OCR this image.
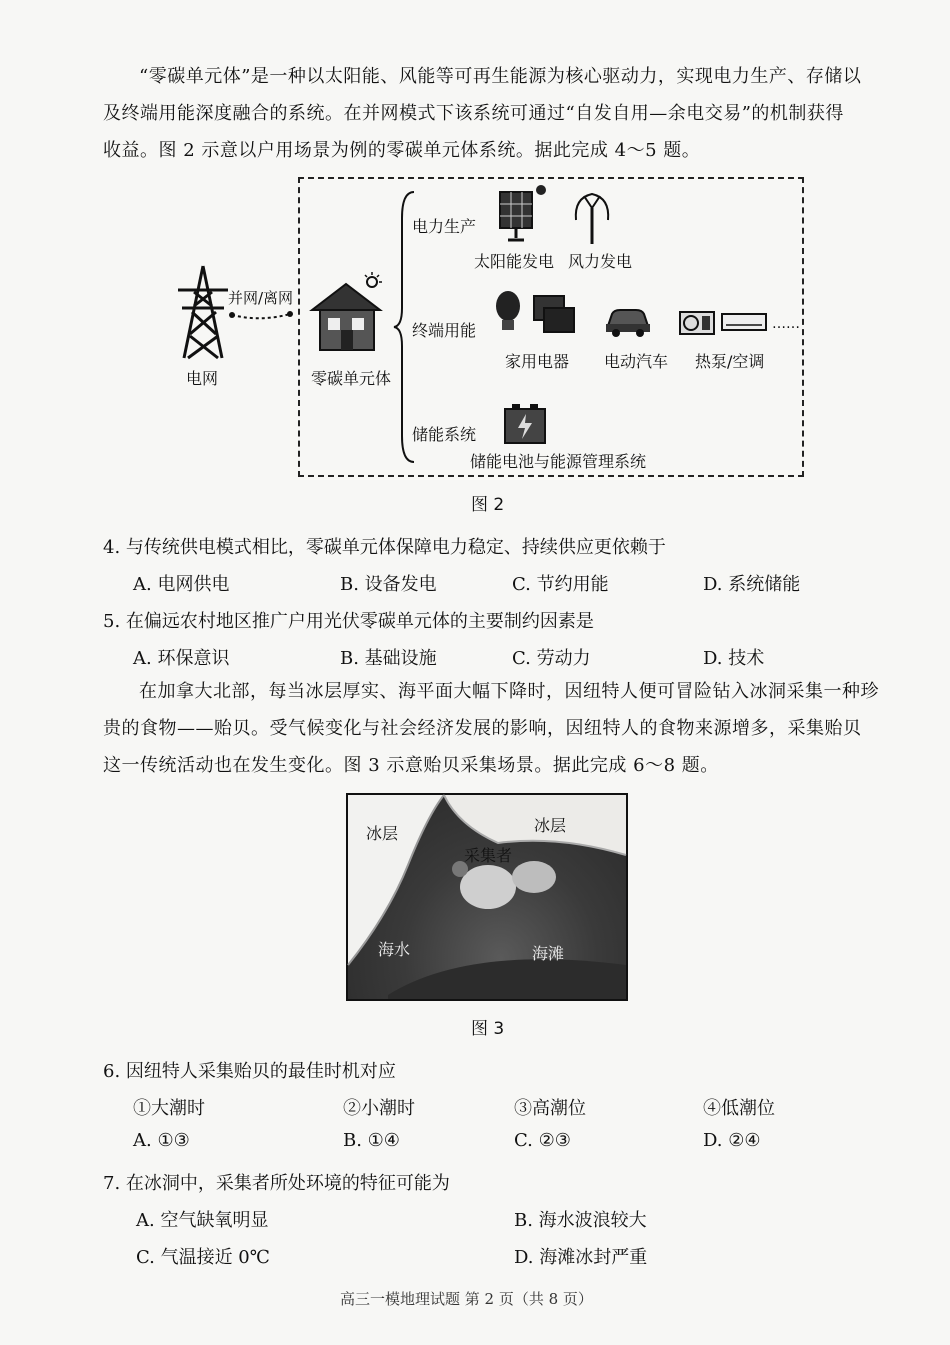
“零碳单元体”是一种以太阳能、风能等可再生能源为核心驱动力，实现电力生产、存储以
及终端用能深度融合的系统。在并网模式下该系统可通过“自发自用—余电交易”的机制获得
收益。图 2 示意以户用场景为例的零碳单元体系统。据此完成 4～5 题。
电网
并网/离网
零碳单元体
电力生产
终端用能
储能系统
太阳能发电 风力发电
家用电器 电动汽车
……
热泵/空调
储能电池与能源管理系统
图 2
4. 与传统供电模式相比，零碳单元体保障电力稳定、持续供应更依赖于
A. 电网供电	B. 设备发电	C. 节约用能	D. 系统储能
5. 在偏远农村地区推广户用光伏零碳单元体的主要制约因素是
A. 环保意识	B. 基础设施	C. 劳动力	D. 技术
在加拿大北部，每当冰层厚实、海平面大幅下降时，因纽特人便可冒险钻入冰洞采集一种珍
贵的食物——贻贝。受气候变化与社会经济发展的影响，因纽特人的食物来源增多，采集贻贝
这一传统活动也在发生变化。图 3 示意贻贝采集场景。据此完成 6～8 题。
冰层	冰层
采集者
海水	海滩
图 3
6. 因纽特人采集贻贝的最佳时机对应
①大潮时	②小潮时	③高潮位	④低潮位
A. ①③	B. ①④	C. ②③	D. ②④
7. 在冰洞中，采集者所处环境的特征可能为
A. 空气缺氧明显	B. 海水波浪较大
C. 气温接近 0℃	D. 海滩冰封严重
高三一模地理试题 第 2 页（共 8 页）
